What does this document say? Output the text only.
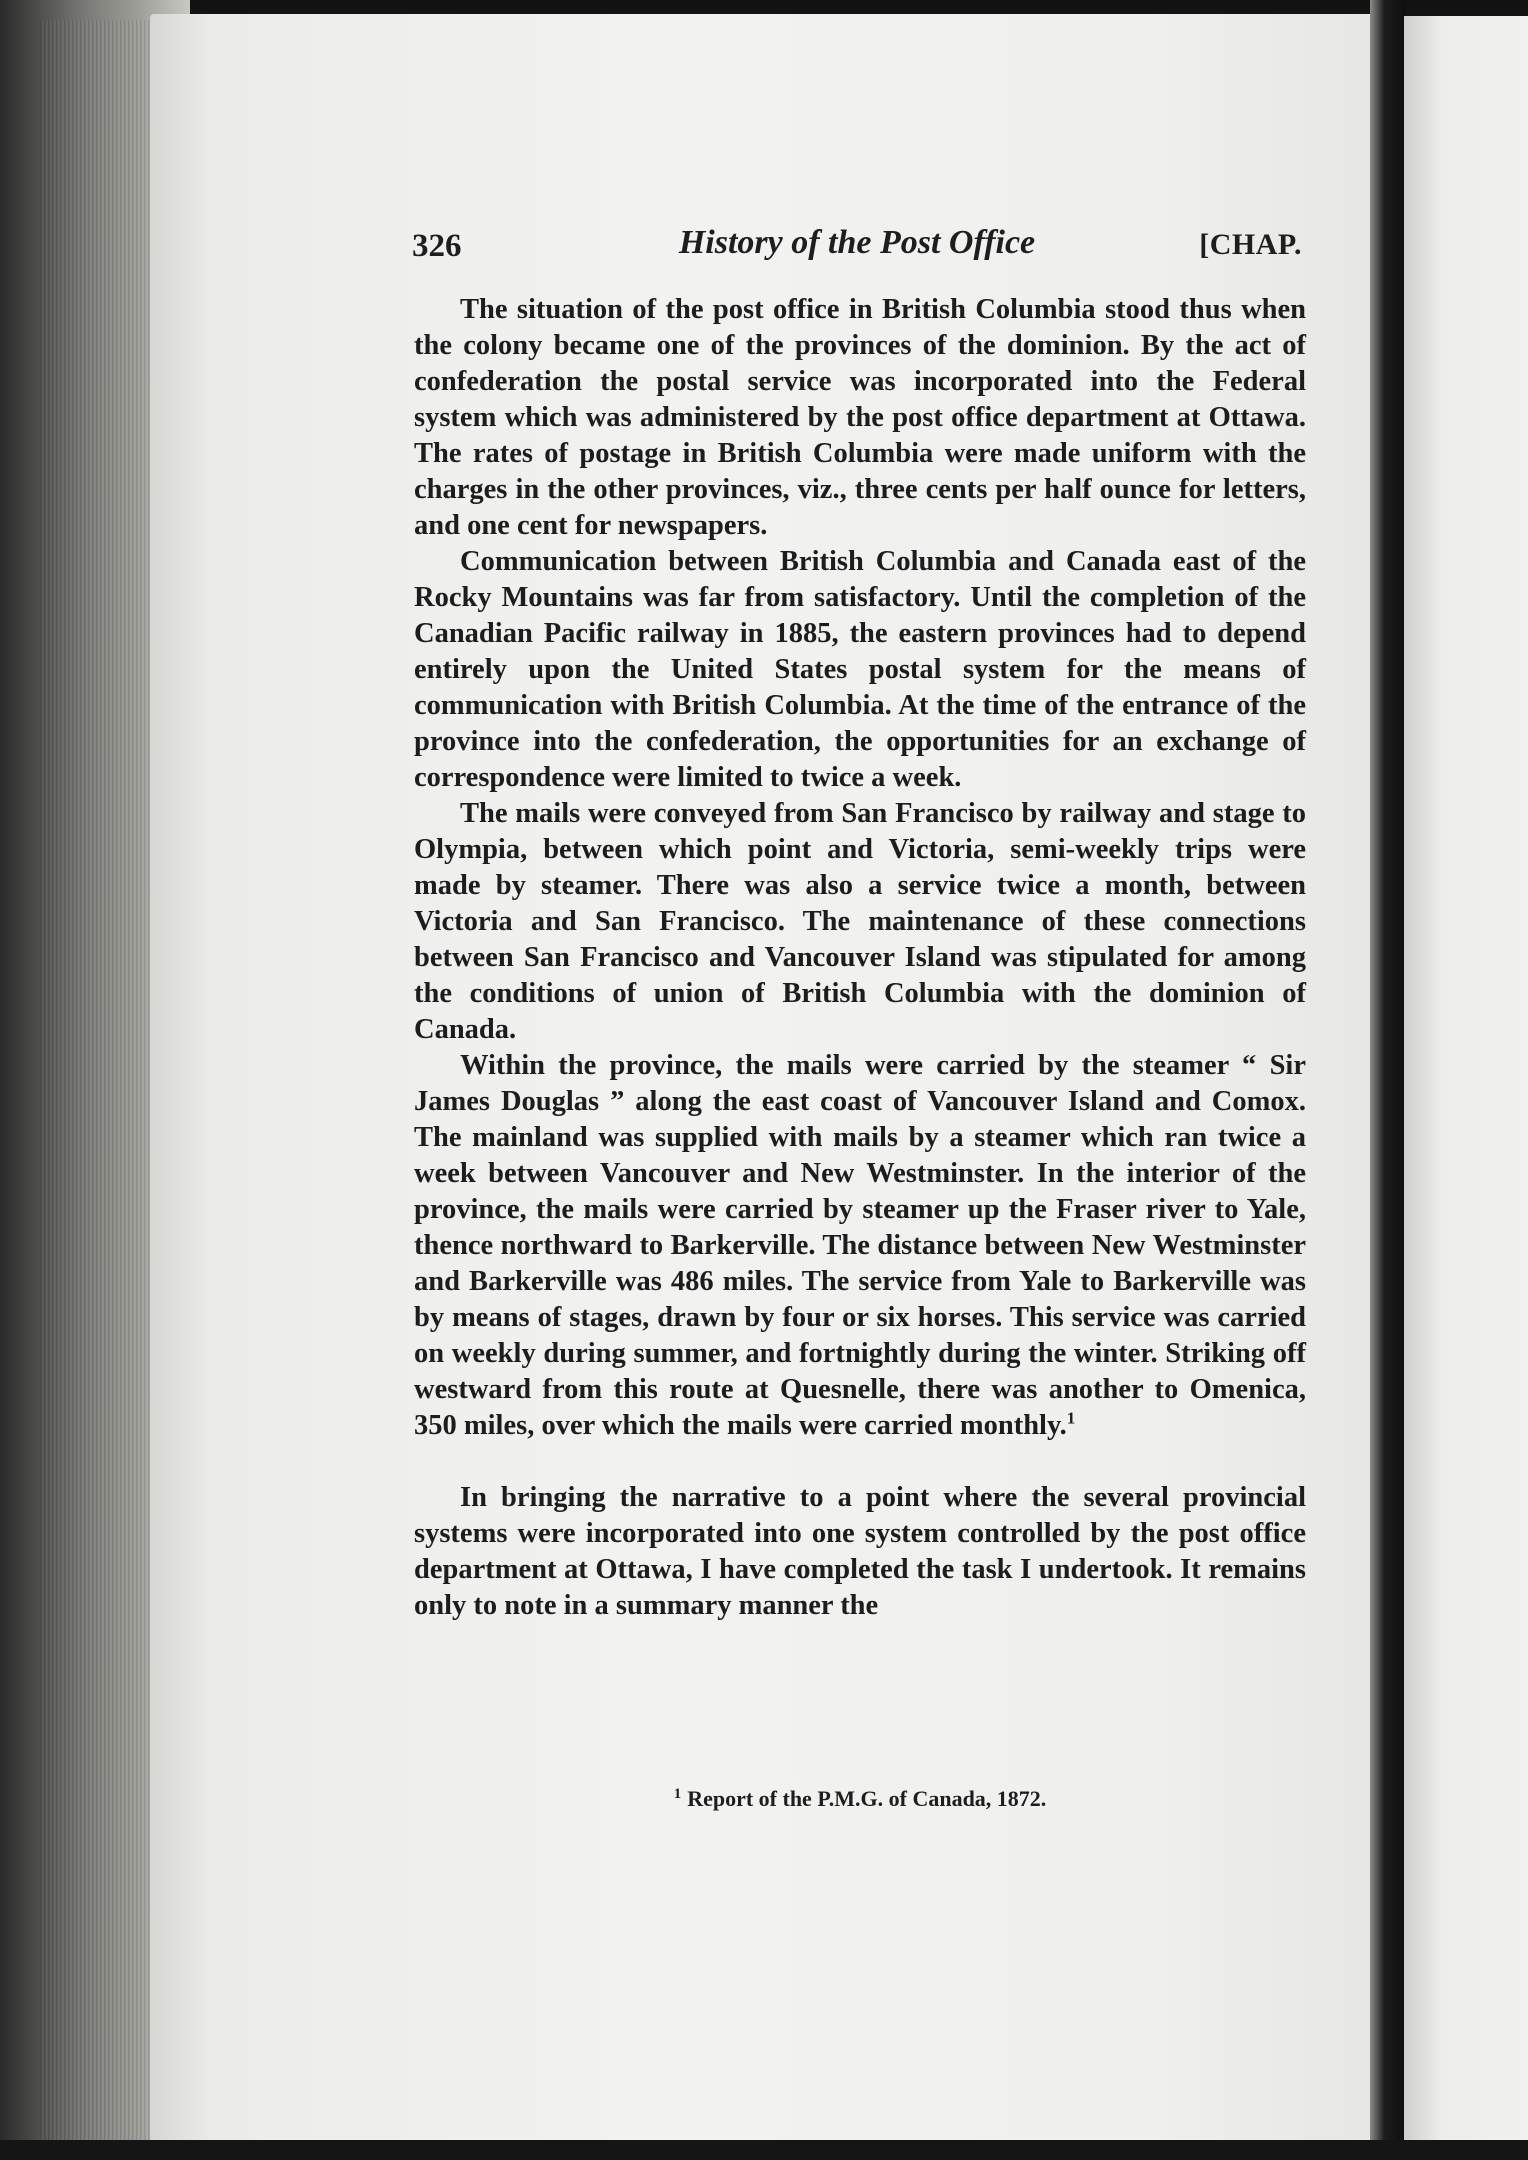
326	History of the Post Office	[CHAP.

The situation of the post office in British Columbia stood thus when the colony became one of the provinces of the dominion. By the act of confederation the postal service was incorporated into the Federal system which was administered by the post office department at Ottawa. The rates of postage in British Columbia were made uniform with the charges in the other provinces, viz., three cents per half ounce for letters, and one cent for newspapers.

Communication between British Columbia and Canada east of the Rocky Mountains was far from satisfactory. Until the completion of the Canadian Pacific railway in 1885, the eastern provinces had to depend entirely upon the United States postal system for the means of communication with British Columbia. At the time of the entrance of the province into the confederation, the opportunities for an exchange of correspondence were limited to twice a week.

The mails were conveyed from San Francisco by railway and stage to Olympia, between which point and Victoria, semi-weekly trips were made by steamer. There was also a service twice a month, between Victoria and San Francisco. The maintenance of these connections between San Francisco and Vancouver Island was stipulated for among the conditions of union of British Columbia with the dominion of Canada.

Within the province, the mails were carried by the steamer “ Sir James Douglas ” along the east coast of Vancouver Island and Comox. The mainland was supplied with mails by a steamer which ran twice a week between Vancouver and New Westminster. In the interior of the province, the mails were carried by steamer up the Fraser river to Yale, thence northward to Barkerville. The distance between New Westminster and Barkerville was 486 miles. The service from Yale to Barkerville was by means of stages, drawn by four or six horses. This service was carried on weekly during summer, and fortnightly during the winter. Striking off westward from this route at Quesnelle, there was another to Omenica, 350 miles, over which the mails were carried monthly.$^1$

In bringing the narrative to a point where the several provincial systems were incorporated into one system controlled by the post office department at Ottawa, I have completed the task I undertook. It remains only to note in a summary manner the

$^1$ Report of the P.M.G. of Canada, 1872.
